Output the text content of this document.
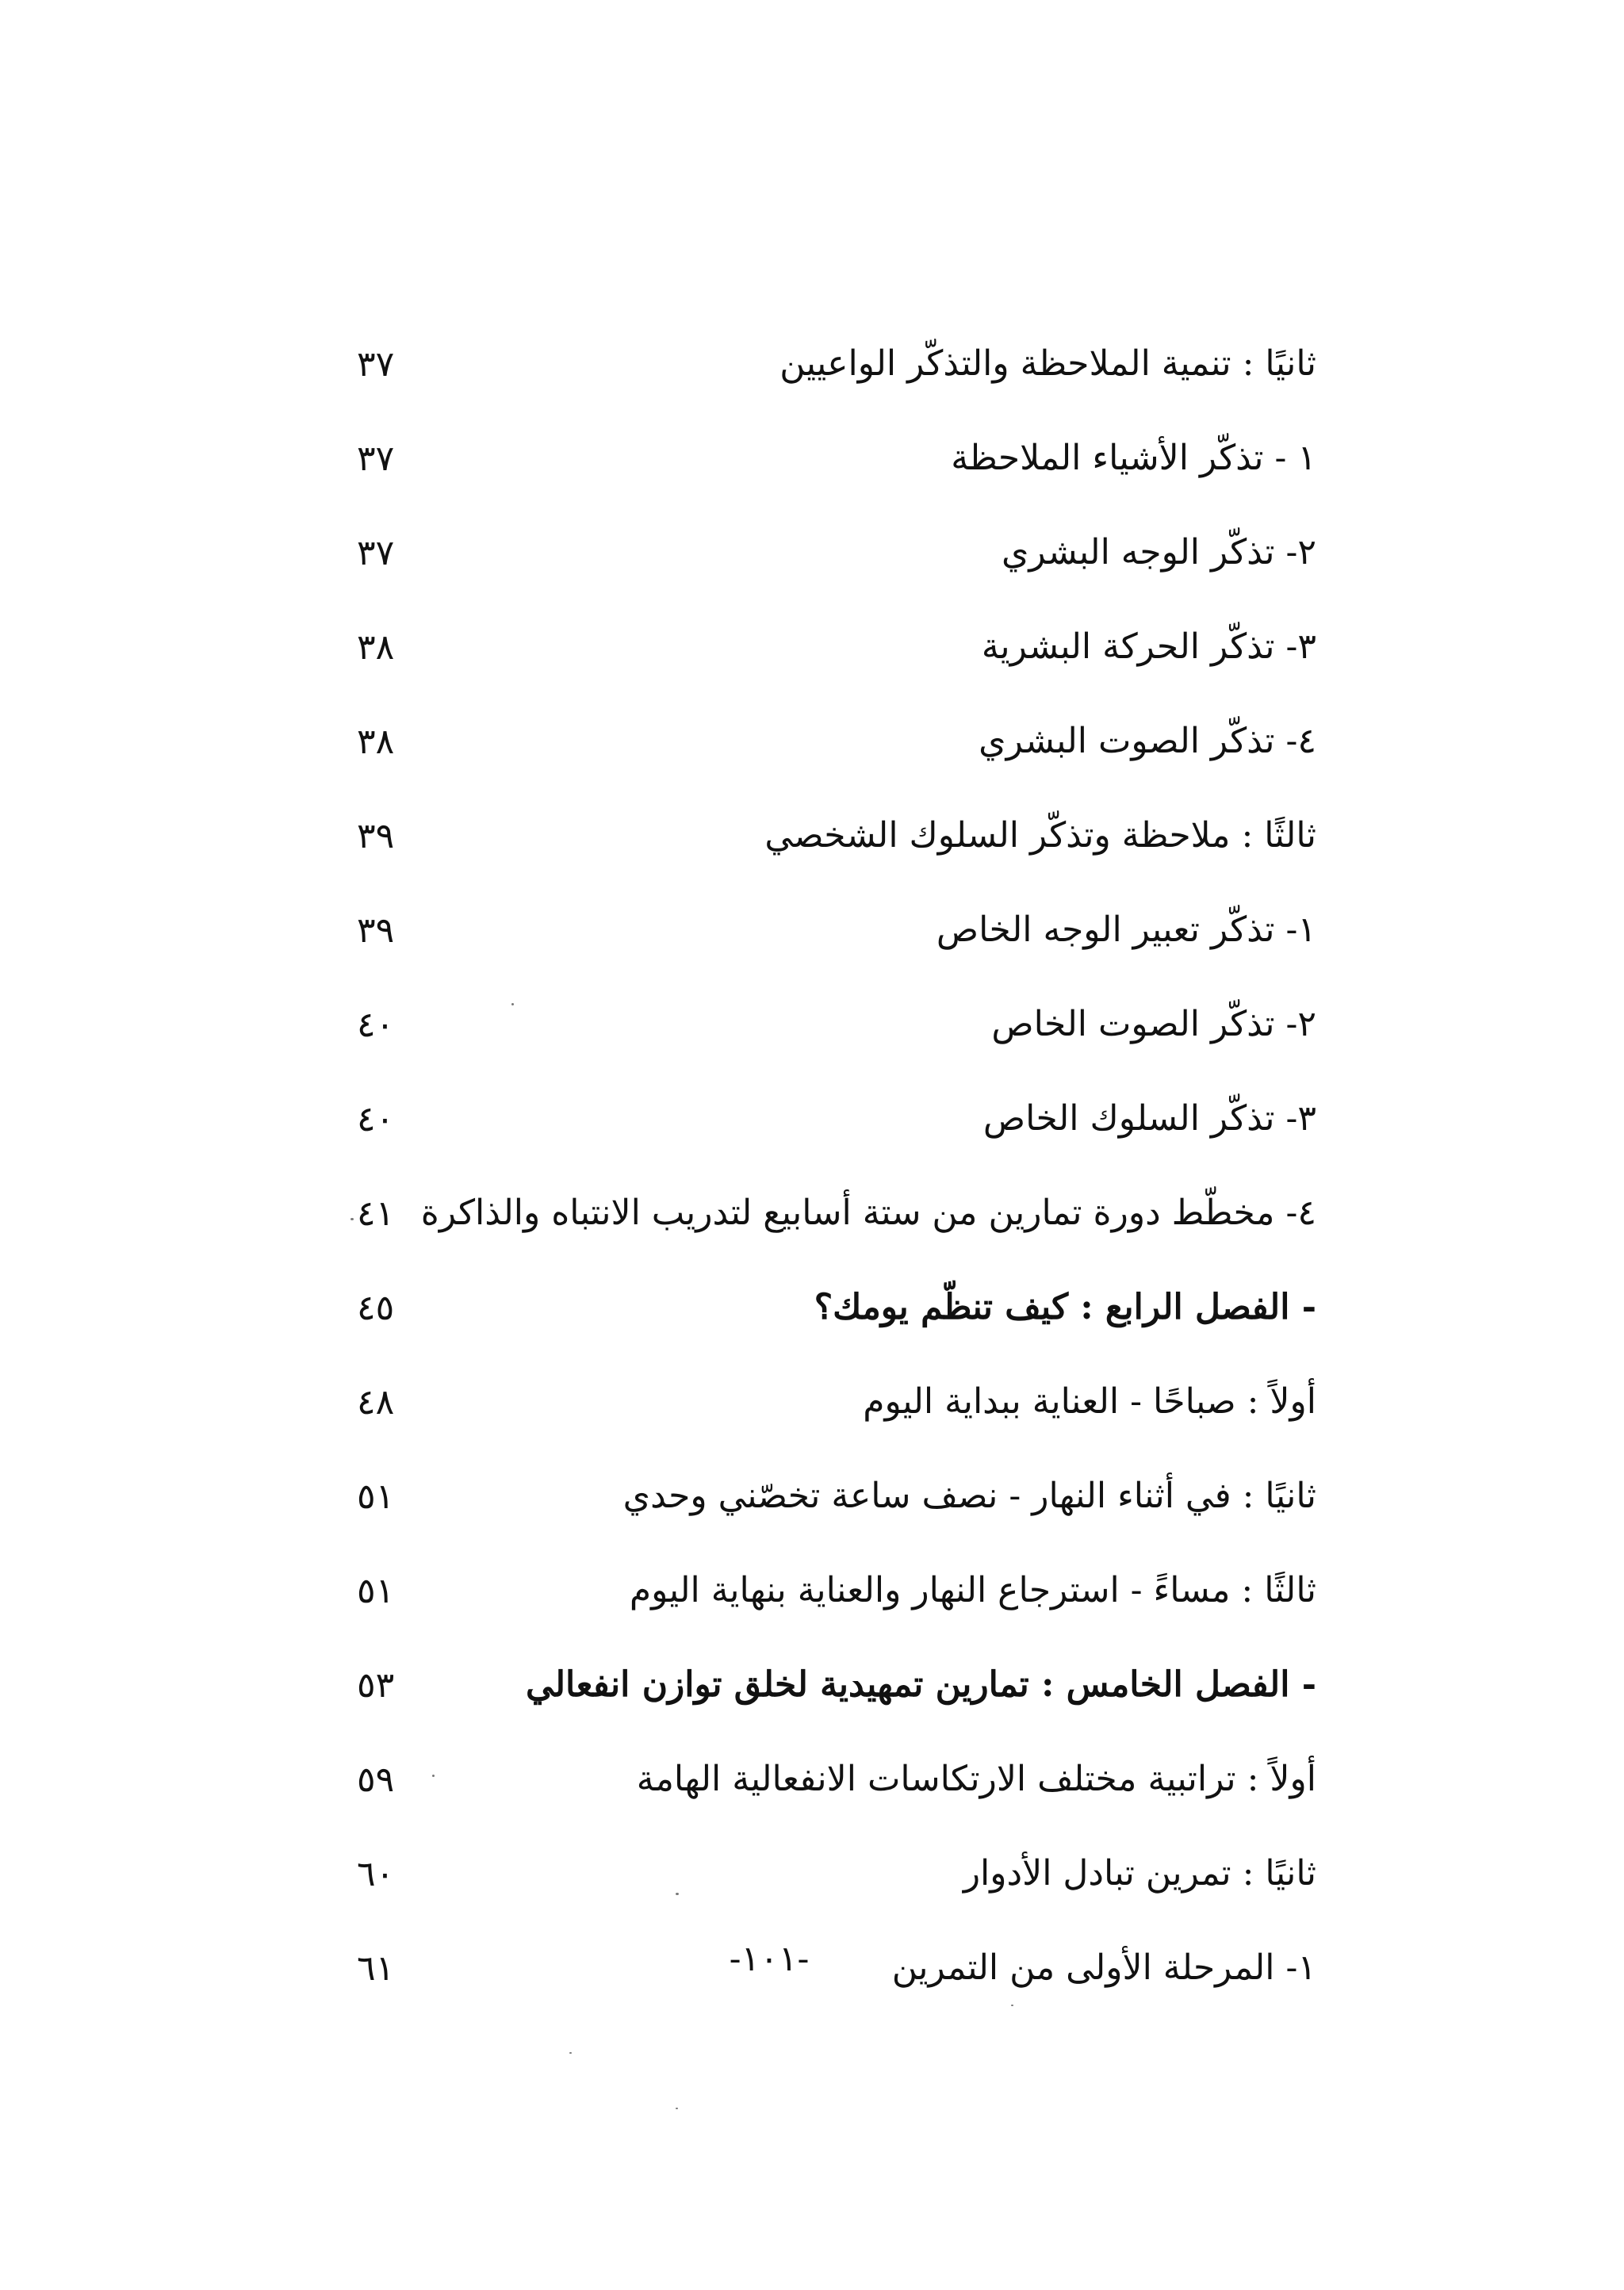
ثانيًا : تنمية الملاحظة والتذكّر الواعيين
٣٧
١ - تذكّر الأشياء الملاحظة
٣٧
٢- تذكّر الوجه البشري
٣٧
٣- تذكّر الحركة البشرية
٣٨
٤- تذكّر الصوت البشري
٣٨
ثالثًا : ملاحظة وتذكّر السلوك الشخصي
٣٩
١- تذكّر تعبير الوجه الخاص
٣٩
٢- تذكّر الصوت الخاص
٤٠
٣- تذكّر السلوك الخاص
٤٠
٤- مخطّط دورة تمارين من ستة أسابيع لتدريب الانتباه والذاكرة
٤١
- الفصل الرابع : كيف تنظّم يومك؟
٤٥
أولاً : صباحًا - العناية ببداية اليوم
٤٨
ثانيًا : في أثناء النهار - نصف ساعة تخصّني وحدي
٥١
ثالثًا : مساءً - استرجاع النهار والعناية بنهاية اليوم
٥١
- الفصل الخامس : تمارين تمهيدية لخلق توازن انفعالي
٥٣
أولاً : تراتبية مختلف الارتكاسات الانفعالية الهامة
٥٩
ثانيًا : تمرين تبادل الأدوار
٦٠
١- المرحلة الأولى من التمرين
٦١	-١٠١-
